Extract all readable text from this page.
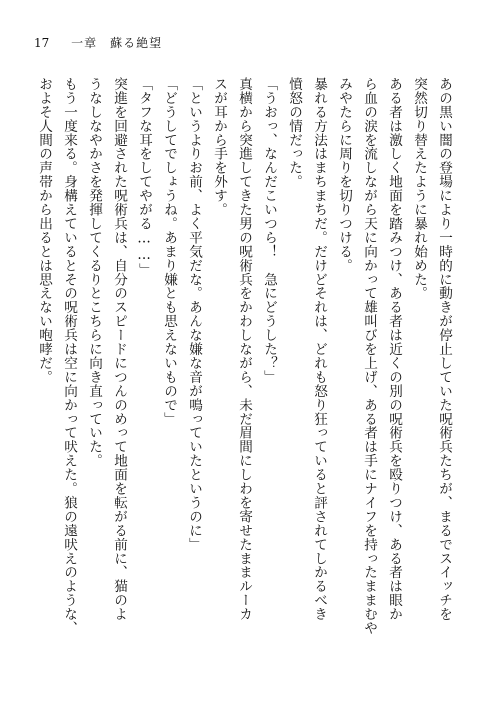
17 一章　蘇る絶望
あの黒い闇の登場により一時的に動きが停止していた呪術兵たちが、まるでスイッチを
突然切り替えたように暴れ始めた。
ある者は激しく地面を踏みつけ、ある者は近くの別の呪術兵を殴りつけ、ある者は眼か
ら血の涙を流しながら天に向かって雄叫びを上げ、ある者は手にナイフを持ったままむや
みやたらに周りを切りつける。
暴れる方法はまちまちだ。だけどそれは、どれも怒り狂っていると評されてしかるべき
憤怒の情だった。
「うおっ、なんだこいつら！　急にどうした？」
真横から突進してきた男の呪術兵をかわしながら、未だ眉間にしわを寄せたままルーカ
スが耳から手を外す。
「というよりお前、よく平気だな。あんな嫌な音が鳴っていたというのに」
「どうしてでしょうね。あまり嫌とも思えないもので」
「タフな耳をしてやがる……」
突進を回避された呪術兵は、自分のスピードにつんのめって地面を転がる前に、猫のよ
うなしなやかさを発揮してくるりとこちらに向き直っていた。
もう一度来る。身構えているとその呪術兵は空に向かって吠えた。狼の遠吠えのような、
およそ人間の声帯から出るとは思えない咆哮だ。
